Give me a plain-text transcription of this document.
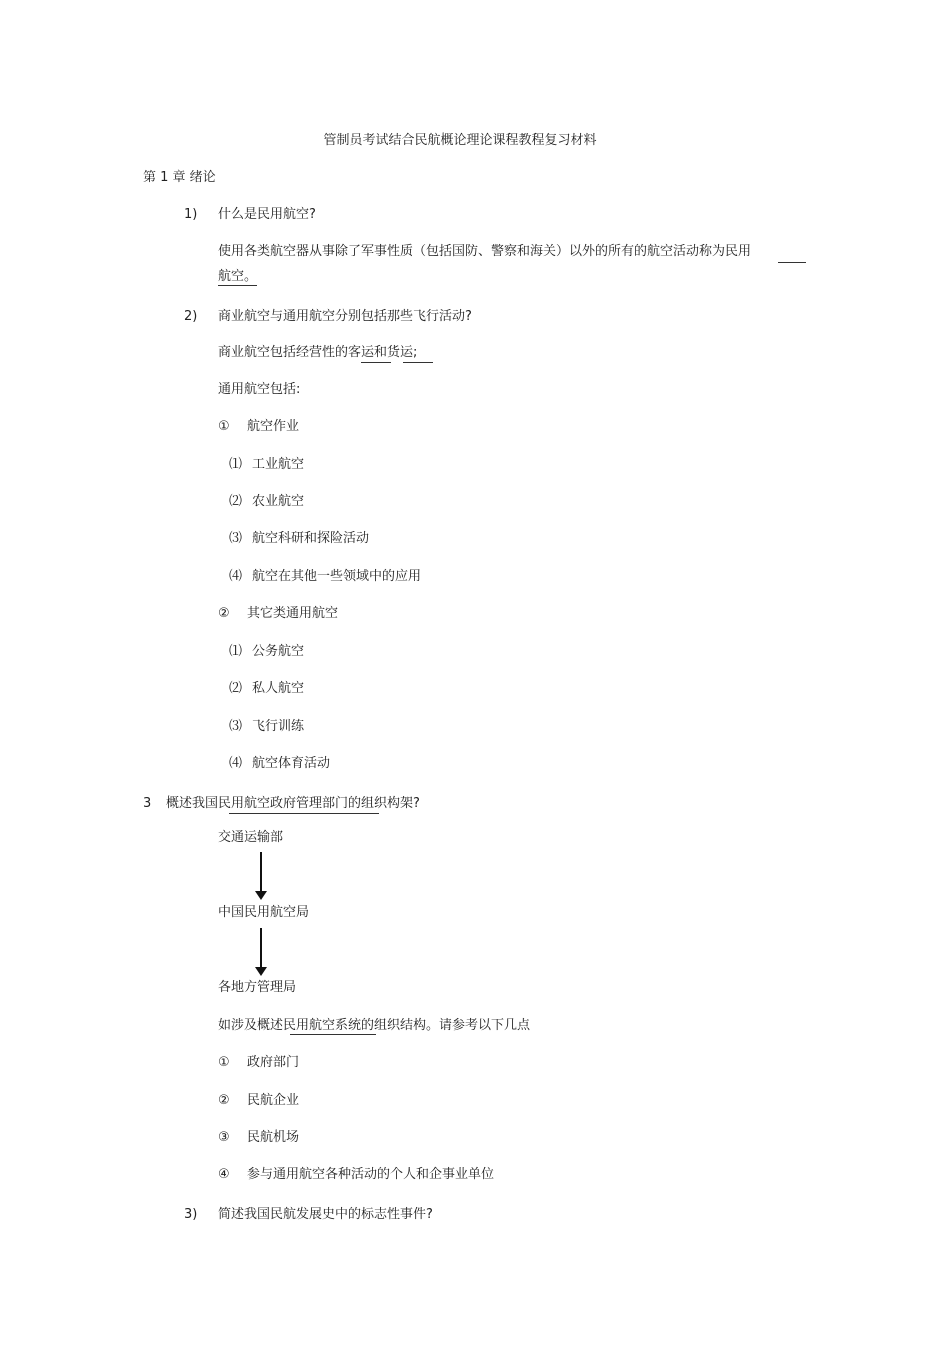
管制员考试结合民航概论理论课程教程复习材料
第 1 章 绪论
1) 什么是民用航空?
使用各类航空器从事除了军事性质（包括国防、警察和海关）以外的所有的航空活动称为民用
航空。
2) 商业航空与通用航空分别包括那些飞行活动?
商业航空包括经营性的客运和货运;
通用航空包括:
① 航空作业
⑴ 工业航空
⑵ 农业航空
⑶ 航空科研和探险活动
⑷ 航空在其他一些领域中的应用
② 其它类通用航空
⑴ 公务航空
⑵ 私人航空
⑶ 飞行训练
⑷ 航空体育活动
3 概述我国民用航空政府管理部门的组织构架?
交通运输部
中国民用航空局
各地方管理局
如涉及概述民用航空系统的组织结构。请参考以下几点
① 政府部门
② 民航企业
③ 民航机场
④ 参与通用航空各种活动的个人和企事业单位
3) 简述我国民航发展史中的标志性事件?
